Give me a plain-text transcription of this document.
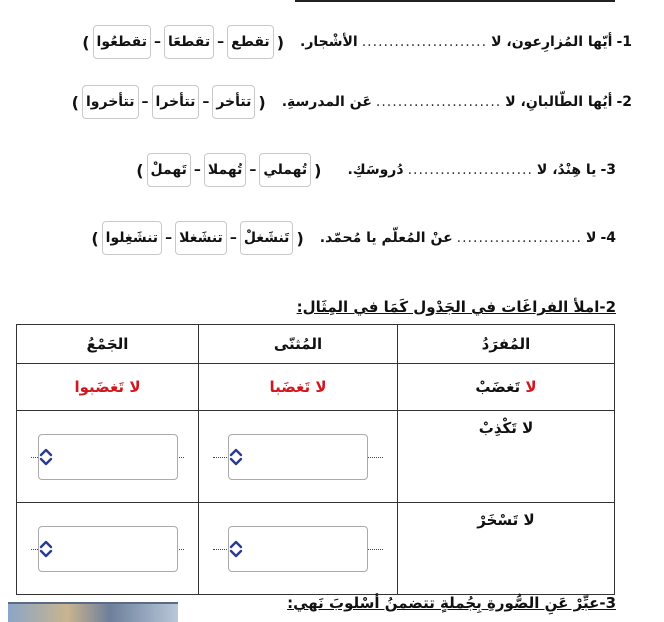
1-
أيّها المُزارِعون، لا
.......................
الأشْجار.
(
تقطع
–
تقطعَا
–
تقطعُوا
)
2-
أيُها الطّالبانِ، لا
.......................
عَن المدرسةِ.
(
تتأخر
–
تتأخرا
–
تتأخروا
)
3-
يا هِنْدُ، لا
.......................
دُروسَكِ.
(
تُهملي
–
تُهملا
–
تَهملْ
)
4-
لا
.......................
عنْ المُعلّم يا مُحمّد.
(
تَنشَغلْ
–
تنشَغلا
–
تنشَغِلوا
)
2-املأ الفراغَات في الجَدْول كَمَا في المِثَال:
المُفرَدُ	المُثنّى	الجَمْعُ
لا تَغضَبْ	لا تَغضَبا	لا تَغضَبوا
لا تَكْذِبْ	

لا تَسْخَرْ	

3-عبِّرْ عَنِ الصُّورةِ بِجُملةٍ تتضمنُ أسْلوبَ نَهي:
